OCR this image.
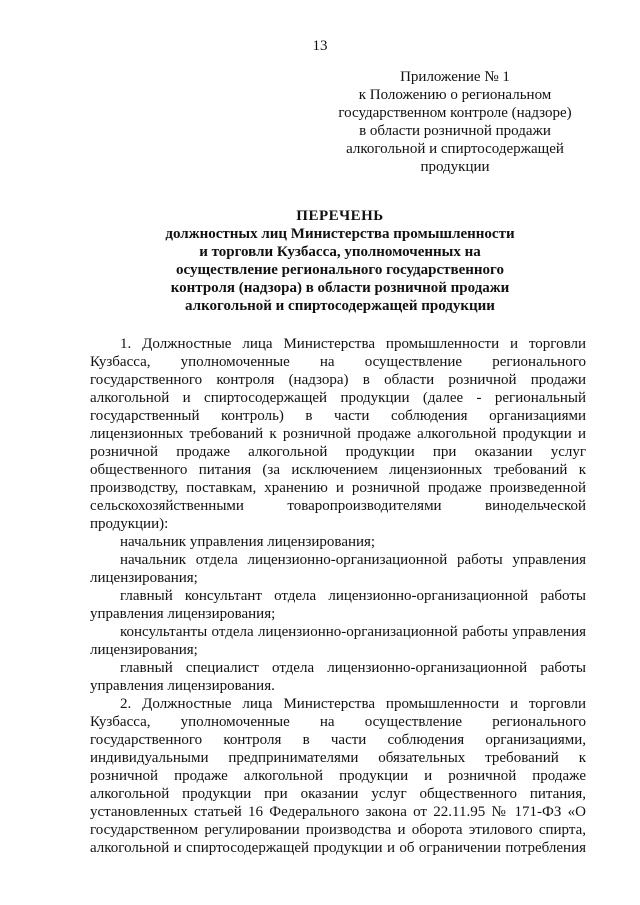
13
Приложение № 1
к Положению о региональном
государственном контроле (надзоре)
в области розничной продажи
алкогольной и спиртосодержащей
продукции
ПЕРЕЧЕНЬ
должностных лиц Министерства промышленности
и торговли Кузбасса, уполномоченных на
осуществление регионального государственного
контроля (надзора) в области розничной продажи
алкогольной и спиртосодержащей продукции
1. Должностные лица Министерства промышленности и торговли
Кузбасса, уполномоченные на осуществление регионального
государственного контроля (надзора) в области розничной продажи
алкогольной и спиртосодержащей продукции (далее - региональный
государственный контроль) в части соблюдения организациями
лицензионных требований к розничной продаже алкогольной продукции и
розничной продаже алкогольной продукции при оказании услуг
общественного питания (за исключением лицензионных требований к
производству, поставкам, хранению и розничной продаже произведенной
сельскохозяйственными товаропроизводителями винодельческой
продукции):
начальник управления лицензирования;
начальник отдела лицензионно-организационной работы управления
лицензирования;
главный консультант отдела лицензионно-организационной работы
управления лицензирования;
консультанты отдела лицензионно-организационной работы управления
лицензирования;
главный специалист отдела лицензионно-организационной работы
управления лицензирования.
2. Должностные лица Министерства промышленности и торговли
Кузбасса, уполномоченные на осуществление регионального
государственного контроля в части соблюдения организациями,
индивидуальными предпринимателями обязательных требований к
розничной продаже алкогольной продукции и розничной продаже
алкогольной продукции при оказании услуг общественного питания,
установленных статьей 16 Федерального закона от 22.11.95 № 171-ФЗ «О
государственном регулировании производства и оборота этилового спирта,
алкогольной и спиртосодержащей продукции и об ограничении потребления
